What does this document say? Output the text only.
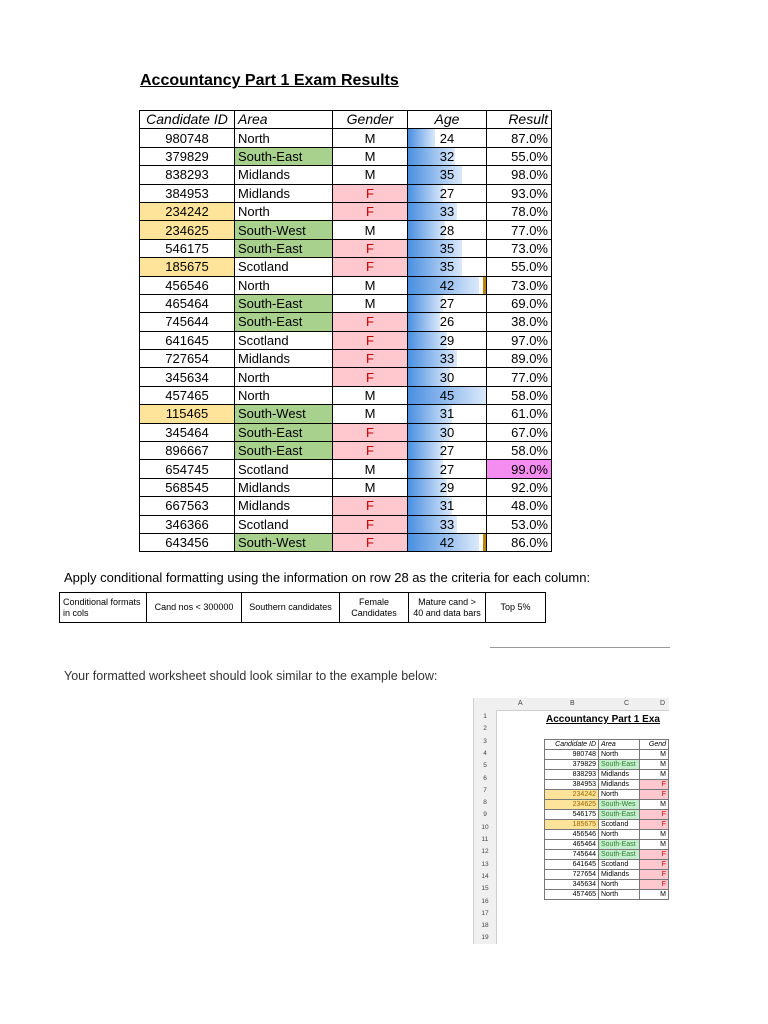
Accountancy Part 1 Exam Results
Candidate ID	Area	Gender	Age	Result
980748	North	M	24	87.0%
379829	South-East	M	32	55.0%
838293	Midlands	M	35	98.0%
384953	Midlands	F	27	93.0%
234242	North	F	33	78.0%
234625	South-West	M	28	77.0%
546175	South-East	F	35	73.0%
185675	Scotland	F	35	55.0%
456546	North	M	42	73.0%
465464	South-East	M	27	69.0%
745644	South-East	F	26	38.0%
641645	Scotland	F	29	97.0%
727654	Midlands	F	33	89.0%
345634	North	F	30	77.0%
457465	North	M	45	58.0%
115465	South-West	M	31	61.0%
345464	South-East	F	30	67.0%
896667	South-East	F	27	58.0%
654745	Scotland	M	27	99.0%
568545	Midlands	M	29	92.0%
667563	Midlands	F	31	48.0%
346366	Scotland	F	33	53.0%
643456	South-West	F	42	86.0%
Apply conditional formatting using the information on row 28 as the criteria for each column:
Conditional formats in cols	Cand nos < 300000	Southern candidates	Female Candidates	Mature cand > 40 and data bars	Top 5%
Your formatted worksheet should look similar to the example below:
A	B	C	D
1
2
3
4
5
6
7
8
9
10
11
12
13
14
15
16
17
18
19
Accountancy Part 1 Exa
Candidate ID	Area	Gend
980748	North	M
379829	South-East	M
838293	Midlands	M
384953	Midlands	F
234242	North	F
234625	South-Wes	M
546175	South-East	F
185675	Scotland	F
456546	North	M
465464	South-East	M
745644	South-East	F
641645	Scotland	F
727654	Midlands	F
345634	North	F
457465	North	M
